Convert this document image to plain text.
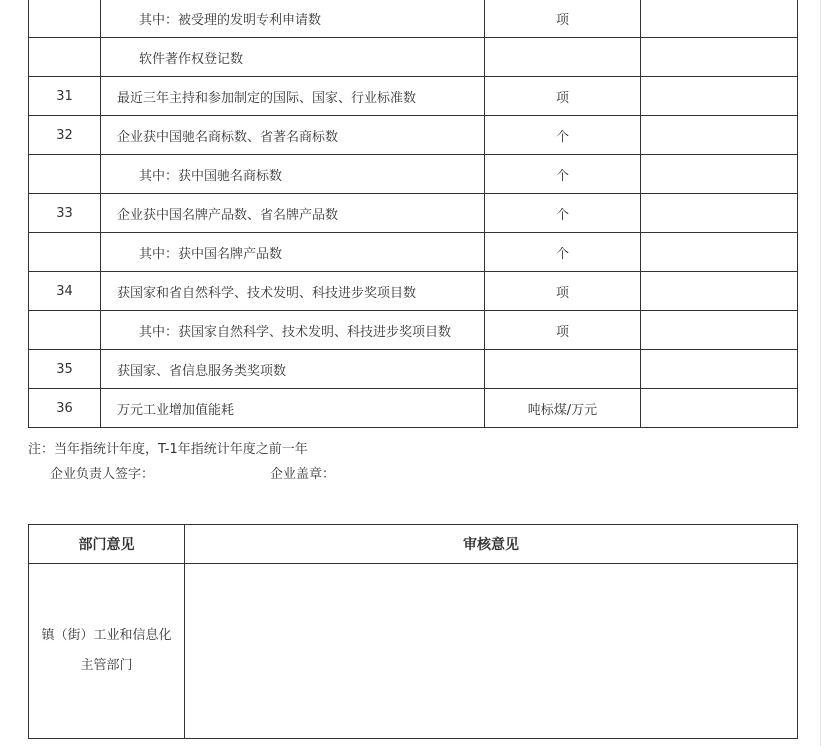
	其中：被受理的发明专利申请数	项	
	软件著作权登记数		
31	最近三年主持和参加制定的国际、国家、行业标准数	项	
32	企业获中国驰名商标数、省著名商标数	个	
	其中：获中国驰名商标数	个	
33	企业获中国名牌产品数、省名牌产品数	个	
	其中：获中国名牌产品数	个	
34	获国家和省自然科学、技术发明、科技进步奖项目数	项	
	其中：获国家自然科学、技术发明、科技进步奖项目数	项	
35	获国家、省信息服务类奖项数		
36	万元工业增加值能耗	吨标煤/万元	
注：当年指统计年度，T-1年指统计年度之前一年
企业负责人签字：	企业盖章：
部门意见	审核意见

镇（街）工业和信息化
主管部门	
